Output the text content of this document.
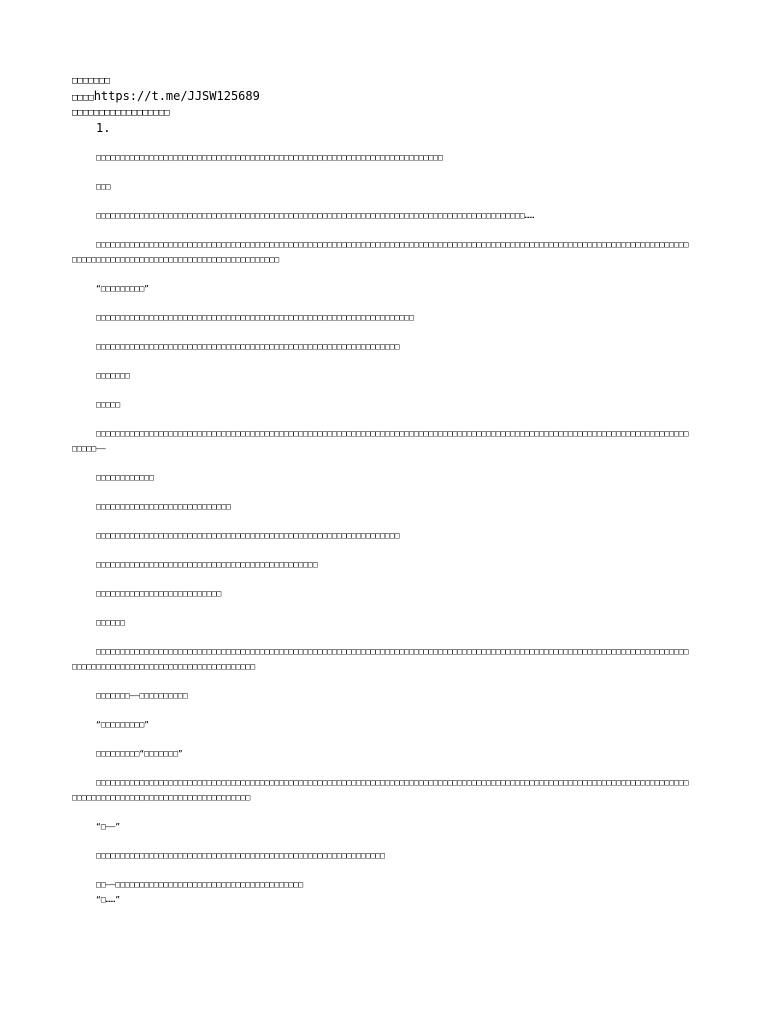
□□□□□□□
□□□□https://t.me/JJSW125689
□□□□□□□□□□□□□□□□□□
1.

□□□□□□□□□□□□□□□□□□□□□□□□□□□□□□□□□□□□□□□□□□□□□□□□□□□□□□□□□□□□□□□□□□□□□□□□

□□□

□□□□□□□□□□□□□□□□□□□□□□□□□□□□□□□□□□□□□□□□□□□□□□□□□□□□□□□□□□□□□□□□□□□□□□□□□□□□□□□□□□□□□□□□□……

□□□□□□□□□□□□□□□□□□□□□□□□□□□□□□□□□□□□□□□□□□□□□□□□□□□□□□□□□□□□□□□□□□□□□□□□□□□□□□□□□□□□□□□□□□□□□□□□□□□□□□□□□□□□□□□□□□□□□□□□□□□□□□□□□□□□□□□□□□□□□□□□□□□□□□□□□□□□□□□□□□□□□□

“□□□□□□□□□”

□□□□□□□□□□□□□□□□□□□□□□□□□□□□□□□□□□□□□□□□□□□□□□□□□□□□□□□□□□□□□□□□□□

□□□□□□□□□□□□□□□□□□□□□□□□□□□□□□□□□□□□□□□□□□□□□□□□□□□□□□□□□□□□□□□

□□□□□□□

□□□□□

□□□□□□□□□□□□□□□□□□□□□□□□□□□□□□□□□□□□□□□□□□□□□□□□□□□□□□□□□□□□□□□□□□□□□□□□□□□□□□□□□□□□□□□□□□□□□□□□□□□□□□□□□□□□□□□□□□□□□□□□□□□□□□□□——

□□□□□□□□□□□□

□□□□□□□□□□□□□□□□□□□□□□□□□□□□

□□□□□□□□□□□□□□□□□□□□□□□□□□□□□□□□□□□□□□□□□□□□□□□□□□□□□□□□□□□□□□□

□□□□□□□□□□□□□□□□□□□□□□□□□□□□□□□□□□□□□□□□□□□□□□

□□□□□□□□□□□□□□□□□□□□□□□□□□

□□□□□□

□□□□□□□□□□□□□□□□□□□□□□□□□□□□□□□□□□□□□□□□□□□□□□□□□□□□□□□□□□□□□□□□□□□□□□□□□□□□□□□□□□□□□□□□□□□□□□□□□□□□□□□□□□□□□□□□□□□□□□□□□□□□□□□□□□□□□□□□□□□□□□□□□□□□□□□□□□□□□□□□□

□□□□□□□——□□□□□□□□□□

“□□□□□□□□□”

□□□□□□□□□“□□□□□□□”

□□□□□□□□□□□□□□□□□□□□□□□□□□□□□□□□□□□□□□□□□□□□□□□□□□□□□□□□□□□□□□□□□□□□□□□□□□□□□□□□□□□□□□□□□□□□□□□□□□□□□□□□□□□□□□□□□□□□□□□□□□□□□□□□□□□□□□□□□□□□□□□□□□□□□□□□□□□□□□□□

“□——”

□□□□□□□□□□□□□□□□□□□□□□□□□□□□□□□□□□□□□□□□□□□□□□□□□□□□□□□□□□□□

□□——□□□□□□□□□□□□□□□□□□□□□□□□□□□□□□□□□□□□□□□

“□……”
